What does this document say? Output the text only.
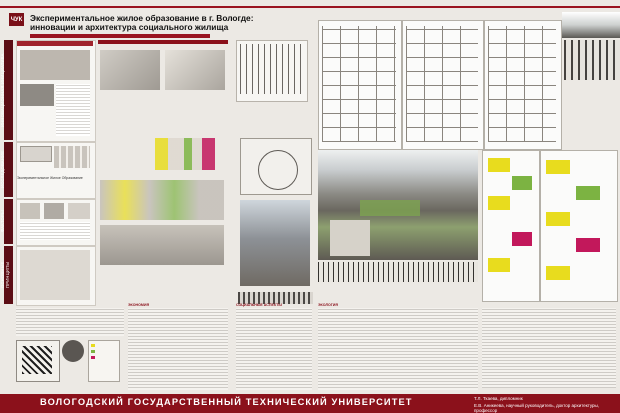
ЧУК Экспериментальное жилое образование в г. Вологде:
инновации и архитектура социального жилища
ИННОВАЦИОННАЯ ИНИЦИАТИВА
ИССЛЕДОВАНИЕ
ФАКТОРЫ
ОСНОВНЫЕ ПРИНЦИПЫ
Экспериментальное Жилое Образование
ЭКОНОМИЯ	СОЦИАЛЬНЫЕ АСПЕКТЫ	ЭКОЛОГИЯ
ВОЛОГОДСКИЙ ГОСУДАРСТВЕННЫЙ ТЕХНИЧЕСКИЙ УНИВЕРСИТЕТ	Т.Л. Ткаева, дипломник
Е.В. Аникеева, научный руководитель, доктор архитектуры, профессор
